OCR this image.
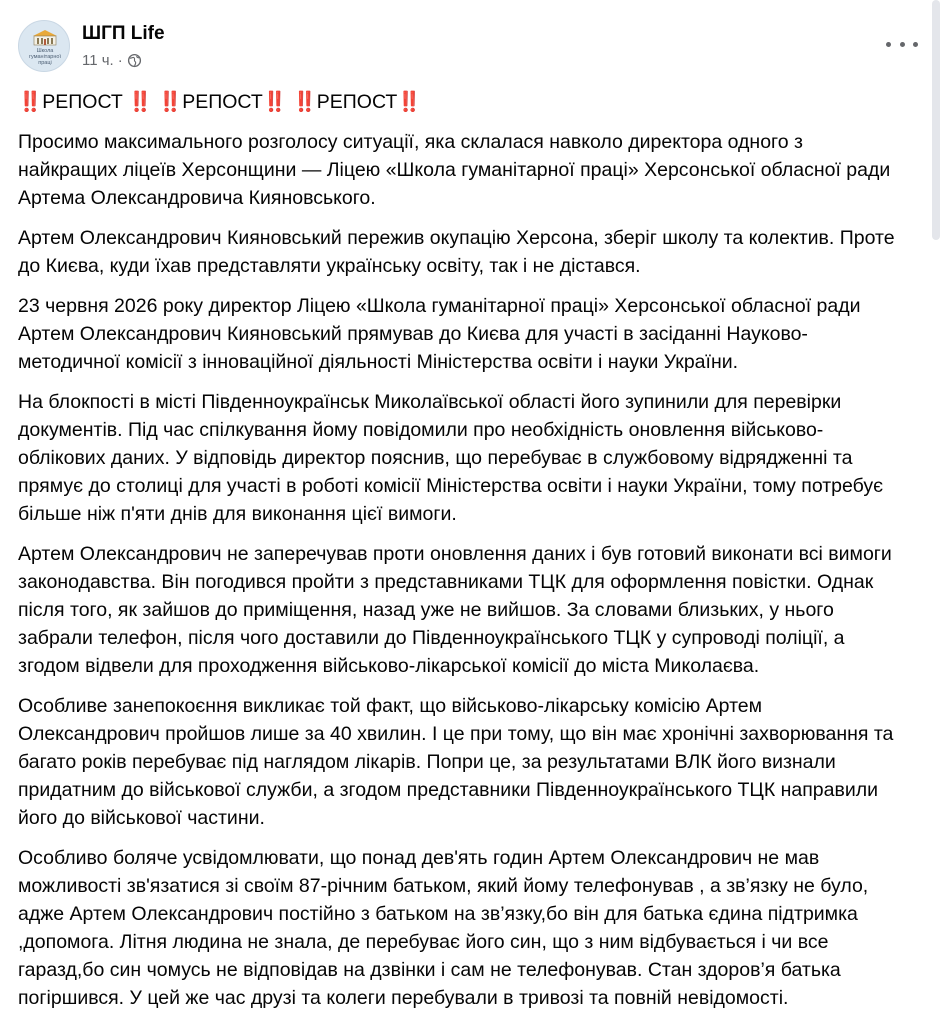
Школа гуманітарної праці
ШГП Life
11 ч. ·

‼️ РЕПОСТ ‼️
‼️ РЕПОСТ ‼️
‼️ РЕПОСТ ‼️

Просимо максимального розголосу ситуації, яка склалася навколо директора одного з найкращих ліцеїв Херсонщини — Ліцею «Школа гуманітарної праці» Херсонської обласної ради Артема Олександровича Кияновського.

Артем Олександрович Кияновський пережив окупацію Херсона, зберіг школу та колектив. Проте до Києва, куди їхав представляти українську освіту, так і не дістався.

23 червня 2026 року директор Ліцею «Школа гуманітарної праці» Херсонської обласної ради Артем Олександрович Кияновський прямував до Києва для участі в засіданні Науково-методичної комісії з інноваційної діяльності Міністерства освіти і науки України.

На блокпості в місті Південноукраїнськ Миколаївської області його зупинили для перевірки документів. Під час спілкування йому повідомили про необхідність оновлення військово-облікових даних. У відповідь директор пояснив, що перебуває в службовому відрядженні та прямує до столиці для участі в роботі комісії Міністерства освіти і науки України, тому потребує більше ніж п'яти днів для виконання цієї вимоги.

Артем Олександрович не заперечував проти оновлення даних і був готовий виконати всі вимоги законодавства. Він погодився пройти з представниками ТЦК для оформлення повістки. Однак після того, як зайшов до приміщення, назад уже не вийшов. За словами близьких, у нього забрали телефон, після чого доставили до Південноукраїнського ТЦК у супроводі поліції, а згодом відвели для проходження військово-лікарської комісії до міста Миколаєва.

Особливе занепокоєння викликає той факт, що військово-лікарську комісію Артем Олександрович пройшов лише за 40 хвилин. І це при тому, що він має хронічні захворювання та багато років перебуває під наглядом лікарів. Попри це, за результатами ВЛК його визнали придатним до військової служби, а згодом представники Південноукраїнського ТЦК направили його до військової частини.

Особливо боляче усвідомлювати, що понад дев'ять годин Артем Олександрович не мав можливості зв'язатися зі своїм 87-річним батьком, який йому телефонував , а зв’язку не було, адже Артем Олександрович постійно з батьком на зв’язку,бо він для батька єдина підтримка ,допомога. Літня людина не знала, де перебуває його син, що з ним відбувається і чи все гаразд,бо син чомусь не відповідав на дзвінки і сам не телефонував. Стан здоров’я батька погіршився. У цей же час друзі та колеги перебували в тривозі та повній невідомості.
